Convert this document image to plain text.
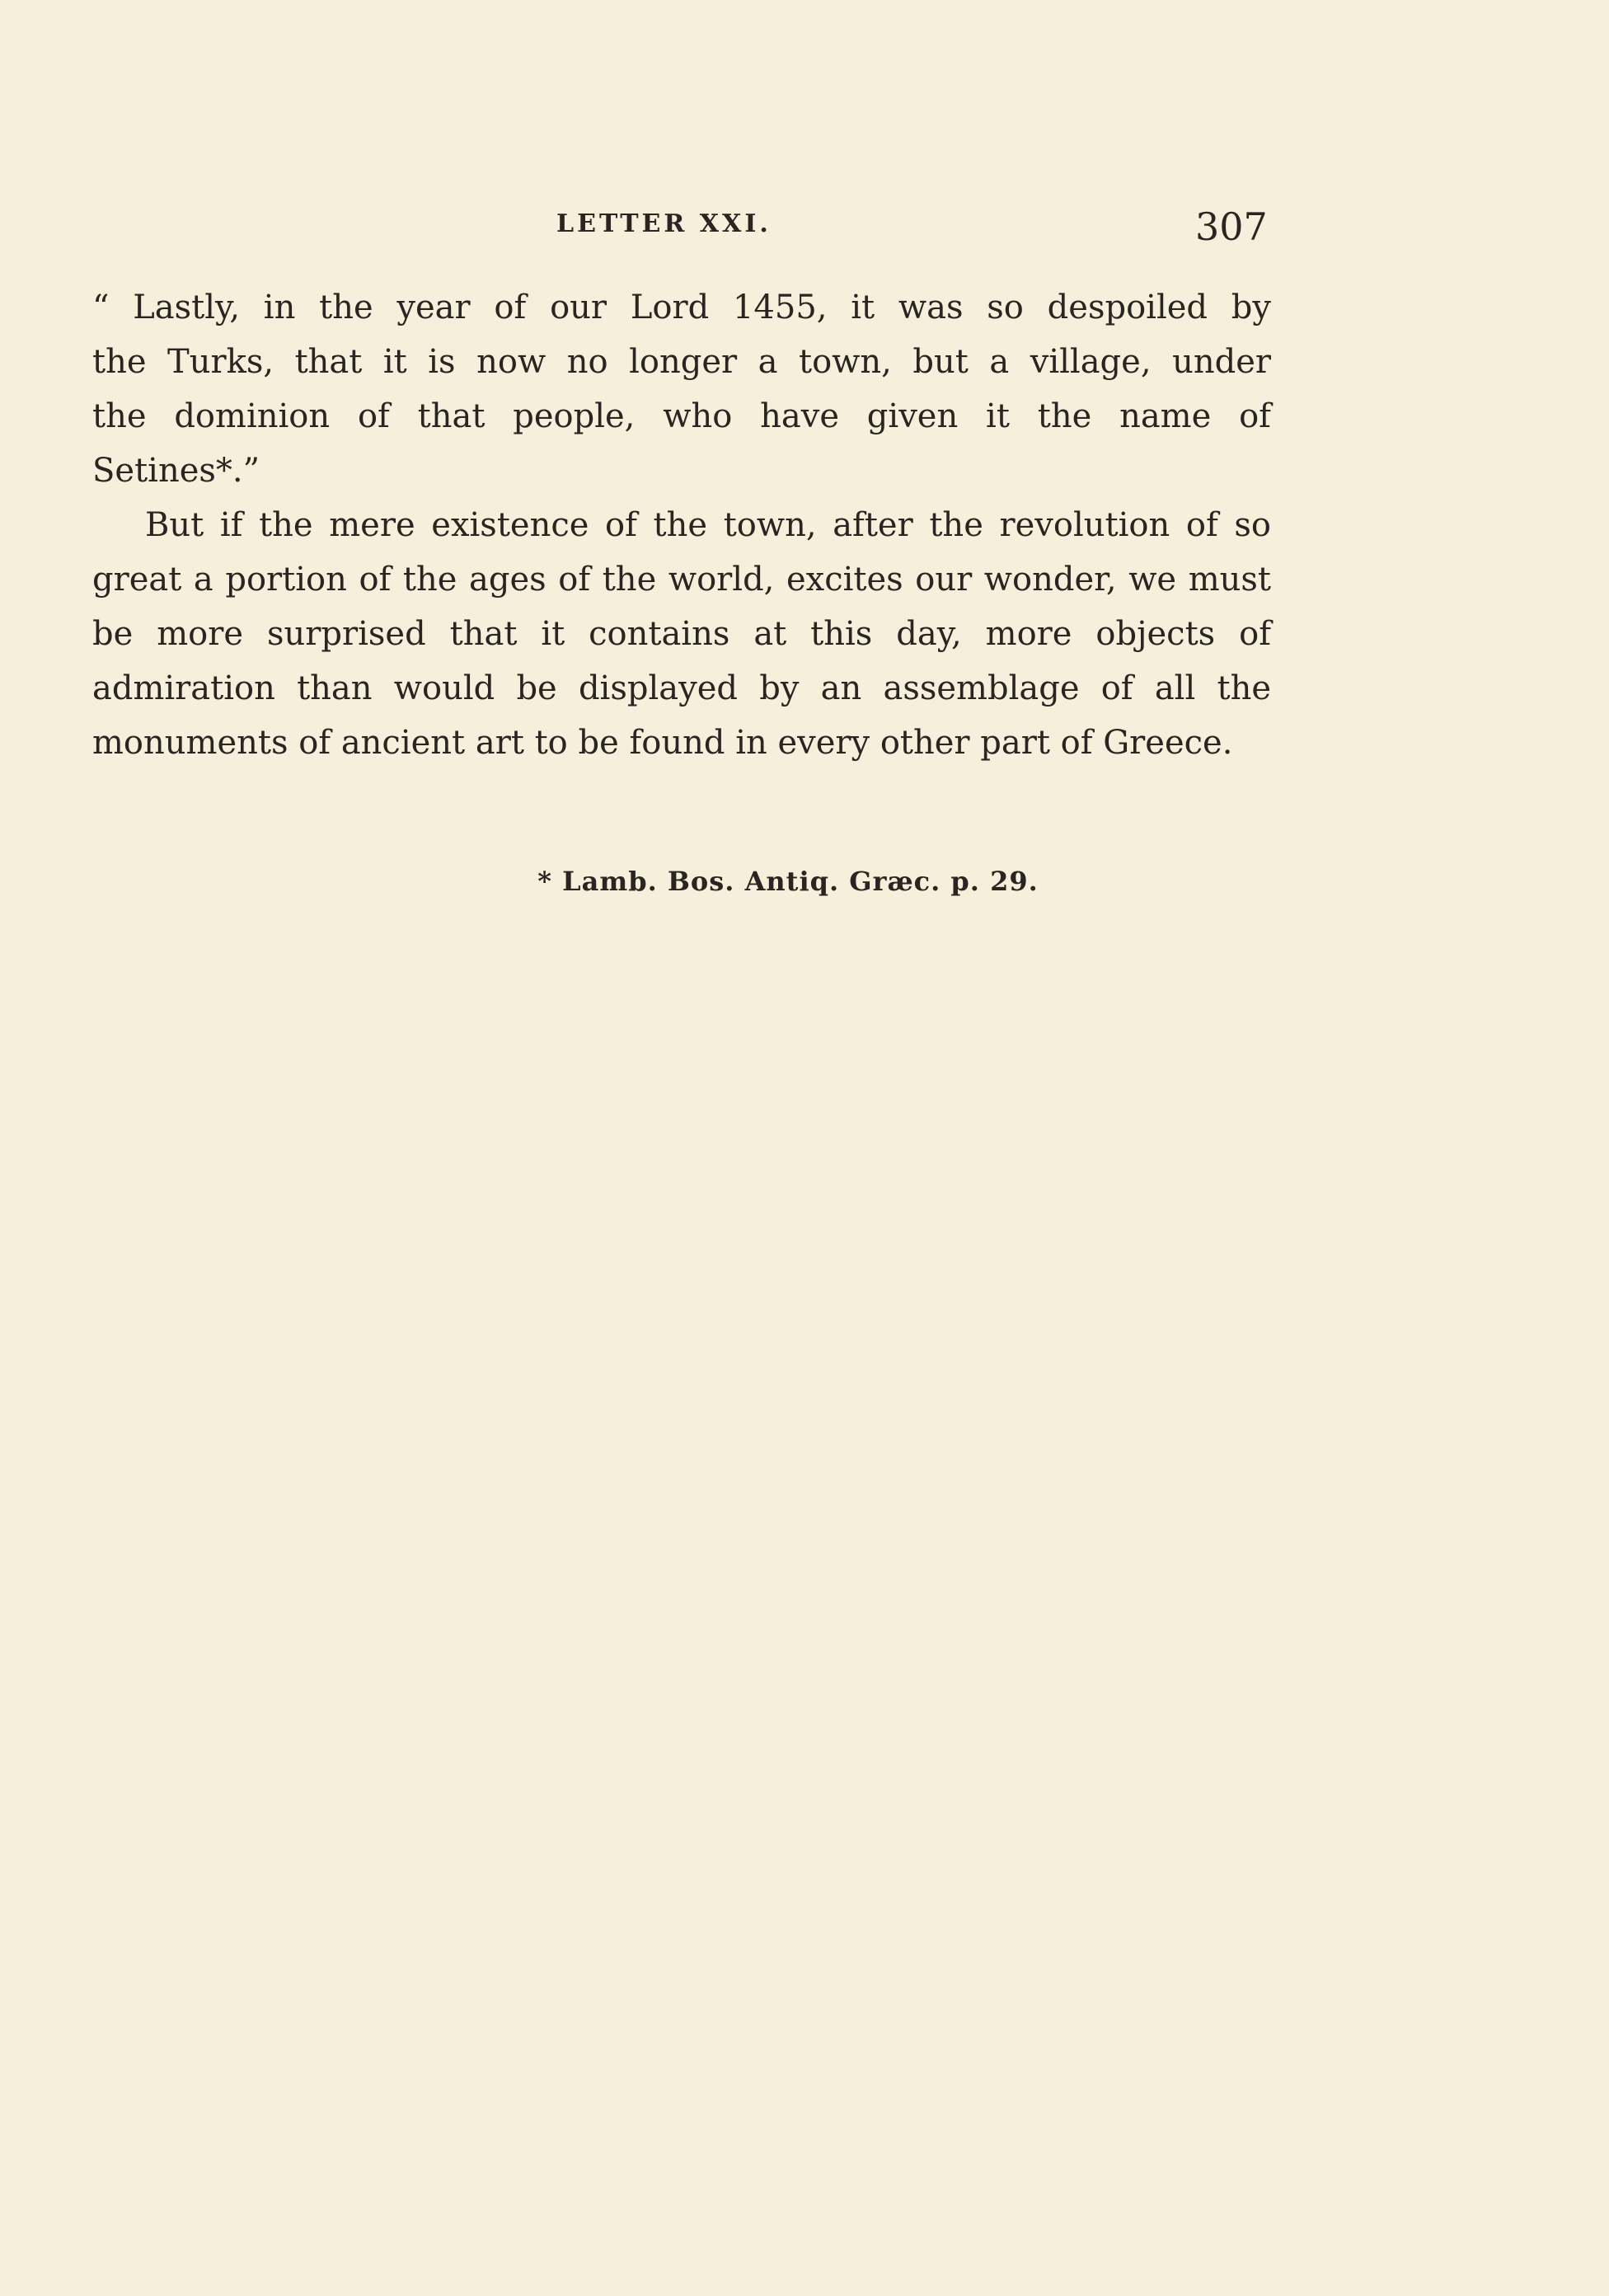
LETTER XXI.	307

“ Lastly, in the year of our Lord 1455, it was so despoiled by
the Turks, that it is now no longer a town, but a village, under
the dominion of that people, who have given it the name of
Setines*.”

But if the mere existence of the town, after the revolution of so great a portion of the ages of the world, excites our wonder, we must be more surprised that it contains at this day, more objects of admiration than would be displayed by an assemblage of all the monuments of ancient art to be found in every other part of Greece.

* Lamb. Bos. Antiq. Græc. p. 29.
